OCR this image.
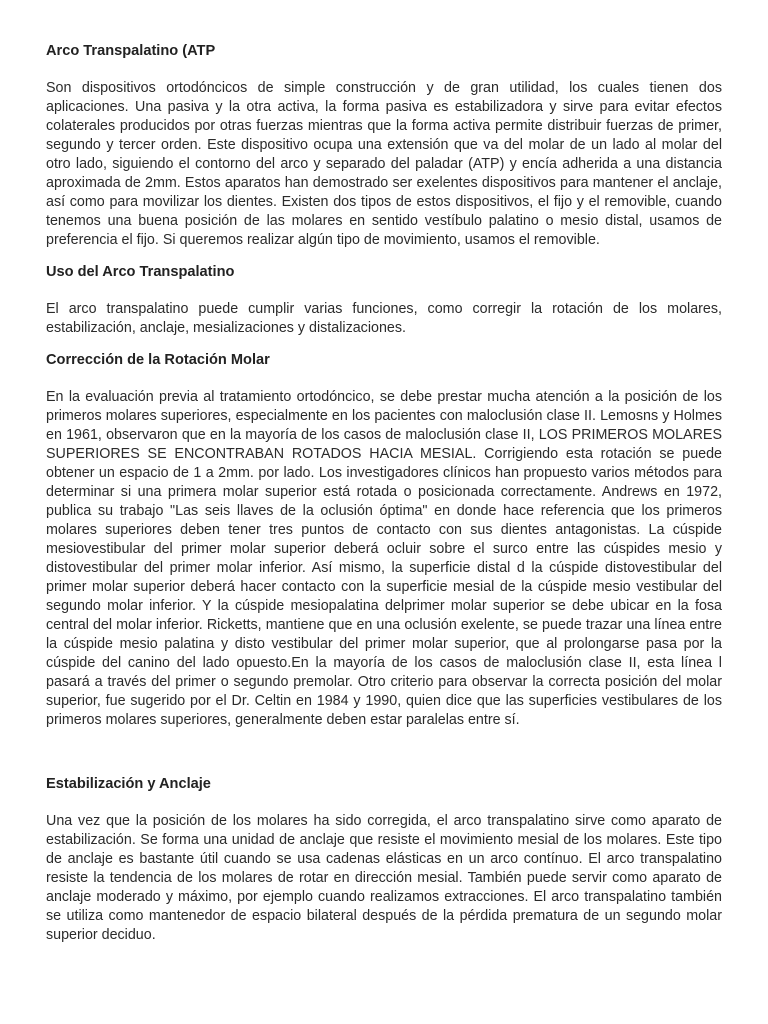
Arco Transpalatino (ATP

Son dispositivos ortodóncicos de simple construcción y de gran utilidad, los cuales tienen dos aplicaciones. Una pasiva y la otra activa, la forma pasiva es estabilizadora y sirve para evitar efectos colaterales producidos por otras fuerzas mientras que la forma activa permite distribuir fuerzas de primer, segundo y tercer orden. Este dispositivo ocupa una extensión que va del molar de un lado al molar del otro lado, siguiendo el contorno del arco y separado del paladar (ATP) y encía adherida a una distancia aproximada de 2mm. Estos aparatos han demostrado ser exelentes dispositivos para mantener el anclaje, así como para movilizar los dientes. Existen dos tipos de estos dispositivos, el fijo y el removible, cuando tenemos una buena posición de las molares en sentido vestíbulo palatino o mesio distal, usamos de preferencia el fijo. Si queremos realizar algún tipo de movimiento, usamos el removible.

Uso del Arco Transpalatino

El arco transpalatino puede cumplir varias funciones, como corregir la rotación de los molares, estabilización, anclaje, mesializaciones y distalizaciones.

Corrección de la Rotación Molar

En la evaluación previa al tratamiento ortodóncico, se debe prestar mucha atención a la posición de los primeros molares superiores, especialmente en los pacientes con maloclusión clase II. Lemosns y Holmes en 1961, observaron que en la mayoría de los casos de maloclusión clase II, LOS PRIMEROS MOLARES SUPERIORES SE ENCONTRABAN ROTADOS HACIA MESIAL. Corrigiendo esta rotación se puede obtener un espacio de 1 a 2mm. por lado. Los investigadores clínicos han propuesto varios métodos para determinar si una primera molar superior está rotada o posicionada correctamente. Andrews en 1972, publica su trabajo "Las seis llaves de la oclusión óptima" en donde hace referencia que los primeros molares superiores deben tener tres puntos de contacto con sus dientes antagonistas. La cúspide mesiovestibular del primer molar superior deberá ocluir sobre el surco entre las cúspides mesio y distovestibular del primer molar inferior. Así mismo, la superficie distal d la cúspide distovestibular del primer molar superior deberá hacer contacto con la superficie mesial de la cúspide mesio vestibular del segundo molar inferior. Y la cúspide mesiopalatina delprimer molar superior se debe ubicar en la fosa central del molar inferior. Ricketts, mantiene que en una oclusión exelente, se puede trazar una línea entre la cúspide mesio palatina y disto vestibular del primer molar superior, que al prolongarse pasa por la cúspide del canino del lado opuesto.En la mayoría de los casos de maloclusión clase II, esta línea l pasará a través del primer o segundo premolar. Otro criterio para observar la correcta posición del molar superior, fue sugerido por el Dr. Celtin en 1984 y 1990, quien dice que las superficies vestibulares de los primeros molares superiores, generalmente deben estar paralelas entre sí.

Estabilización y Anclaje

Una vez que la posición de los molares ha sido corregida, el arco transpalatino sirve como aparato de estabilización. Se forma una unidad de anclaje que resiste el movimiento mesial de los molares. Este tipo de anclaje es bastante útil cuando se usa cadenas elásticas en un arco contínuo. El arco transpalatino resiste la tendencia de los molares de rotar en dirección mesial. También puede servir como aparato de anclaje moderado y máximo, por ejemplo cuando realizamos extracciones. El arco transpalatino también se utiliza como mantenedor de espacio bilateral después de la pérdida prematura de un segundo molar superior deciduo.
